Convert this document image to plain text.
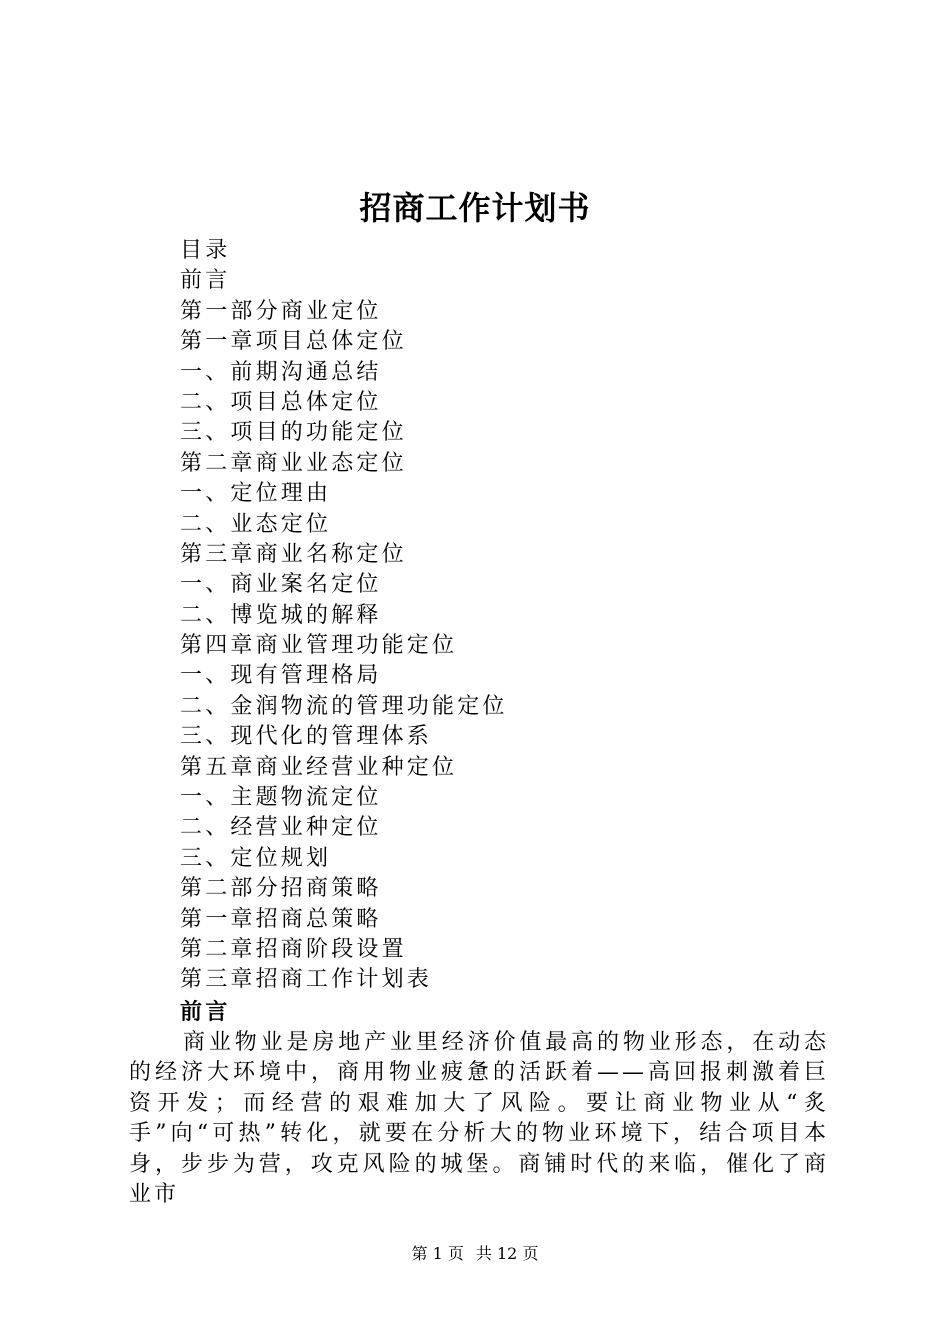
招商工作计划书
目录
前言
第一部分商业定位
第一章项目总体定位
一、前期沟通总结
二、项目总体定位
三、项目的功能定位
第二章商业业态定位
一、定位理由
二、业态定位
第三章商业名称定位
一、商业案名定位
二、博览城的解释
第四章商业管理功能定位
一、现有管理格局
二、金润物流的管理功能定位
三、现代化的管理体系
第五章商业经营业种定位
一、主题物流定位
二、经营业种定位
三、定位规划
第二部分招商策略
第一章招商总策略
第二章招商阶段设置
第三章招商工作计划表
前言

商业物业是房地产业里经济价值最高的物业形态，在动态的经济大环境中，商用物业疲惫的活跃着——高回报刺激着巨资开发；而经营的艰难加大了风险。要让商业物业从“炙手”向“可热”转化，就要在分析大的物业环境下，结合项目本身，步步为营，攻克风险的城堡。商铺时代的来临，催化了商业市

第 1 页 共 12 页
